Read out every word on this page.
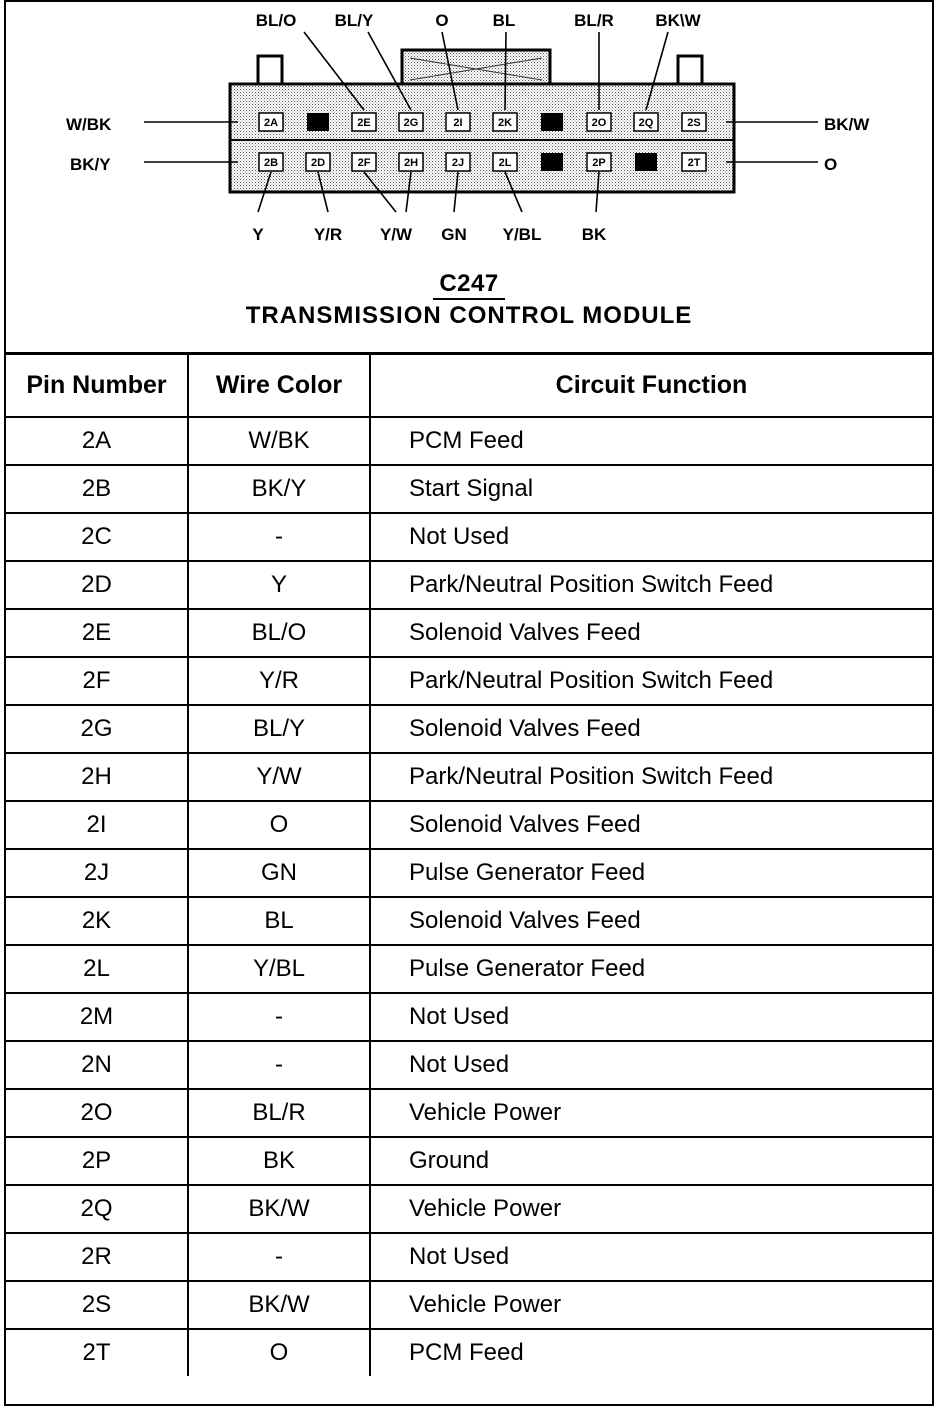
2A	2E	2G	2I	2K	2O	2Q	2S
2B	2D	2F	2H	2J	2L	2P	2T
BL/O BL/Y	O	BL	BL/R BK\W
W/BK
BK/Y
BK/W
O
Y	Y/R Y/W GN Y/BL BK
C247
TRANSMISSION CONTROL MODULE
Pin Number	Wire Color	Circuit Function
2A	W/BK	PCM Feed
2B	BK/Y	Start Signal
2C	-	Not Used
2D	Y	Park/Neutral Position Switch Feed
2E	BL/O	Solenoid Valves Feed
2F	Y/R	Park/Neutral Position Switch Feed
2G	BL/Y	Solenoid Valves Feed
2H	Y/W	Park/Neutral Position Switch Feed
2I	O	Solenoid Valves Feed
2J	GN	Pulse Generator Feed
2K	BL	Solenoid Valves Feed
2L	Y/BL	Pulse Generator Feed
2M	-	Not Used
2N	-	Not Used
2O	BL/R	Vehicle Power
2P	BK	Ground
2Q	BK/W	Vehicle Power
2R	-	Not Used
2S	BK/W	Vehicle Power
2T	O	PCM Feed
